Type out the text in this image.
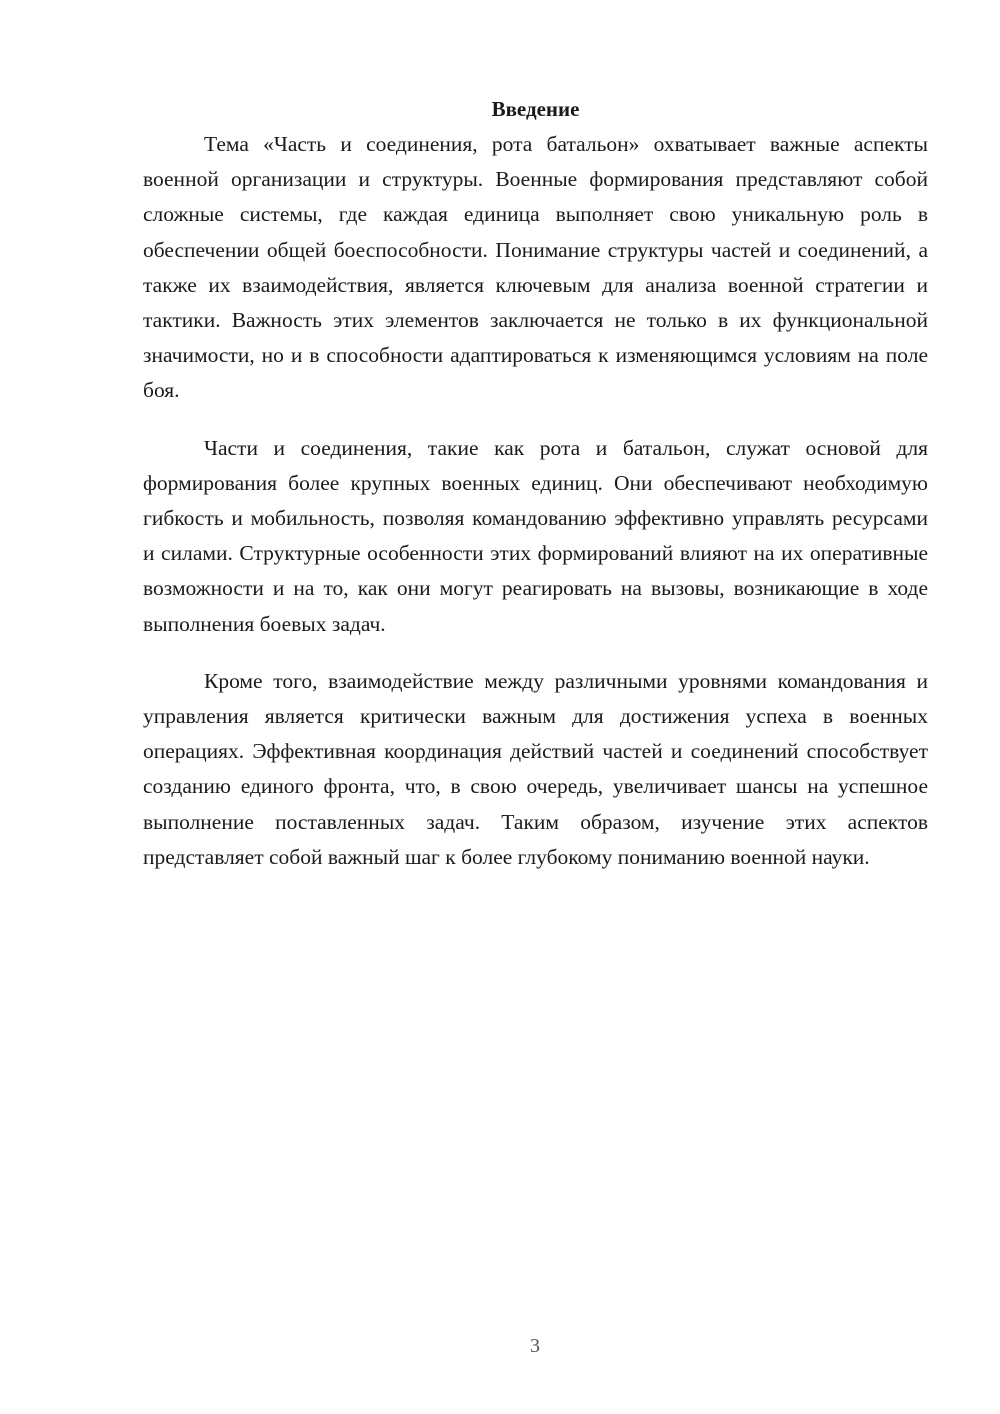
Введение

Тема «Часть и соединения, рота батальон» охватывает важные аспекты военной организации и структуры. Военные формирования представляют собой сложные системы, где каждая единица выполняет свою уникальную роль в обеспечении общей боеспособности. Понимание структуры частей и соединений, а также их взаимодействия, является ключевым для анализа военной стратегии и тактики. Важность этих элементов заключается не только в их функциональной значимости, но и в способности адаптироваться к изменяющимся условиям на поле боя.

Части и соединения, такие как рота и батальон, служат основой для формирования более крупных военных единиц. Они обеспечивают необходимую гибкость и мобильность, позволяя командованию эффективно управлять ресурсами и силами. Структурные особенности этих формирований влияют на их оперативные возможности и на то, как они могут реагировать на вызовы, возникающие в ходе выполнения боевых задач.

Кроме того, взаимодействие между различными уровнями командования и управления является критически важным для достижения успеха в военных операциях. Эффективная координация действий частей и соединений способствует созданию единого фронта, что, в свою очередь, увеличивает шансы на успешное выполнение поставленных задач. Таким образом, изучение этих аспектов представляет собой важный шаг к более глубокому пониманию военной науки.

3
